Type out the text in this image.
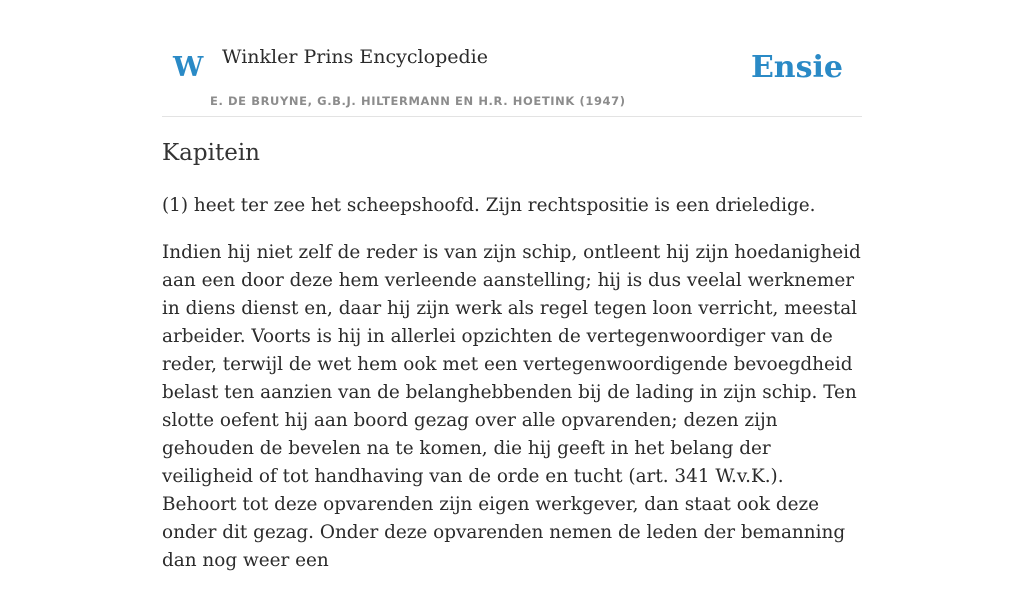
W Winkler Prins Encyclopedie
E. DE BRUYNE, G.B.J. HILTERMANN EN H.R. HOETINK (1947)
Ensie
Kapitein

(1) heet ter zee het scheepshoofd. Zijn rechtspositie is een drieledige.

Indien hij niet zelf de reder is van zijn schip, ontleent hij zijn hoedanigheid aan een door deze hem verleende aanstelling; hij is dus veelal werknemer in diens dienst en, daar hij zijn werk als regel tegen loon verricht, meestal arbeider. Voorts is hij in allerlei opzichten de vertegenwoordiger van de reder, terwijl de wet hem ook met een vertegenwoordigende bevoegdheid belast ten aanzien van de belanghebbenden bij de lading in zijn schip. Ten slotte oefent hij aan boord gezag over alle opvarenden; dezen zijn gehouden de bevelen na te komen, die hij geeft in het belang der veiligheid of tot handhaving van de orde en tucht (art. 341 W.v.K.). Behoort tot deze opvarenden zijn eigen werkgever, dan staat ook deze onder dit gezag. Onder deze opvarenden nemen de leden der bemanning dan nog weer een
